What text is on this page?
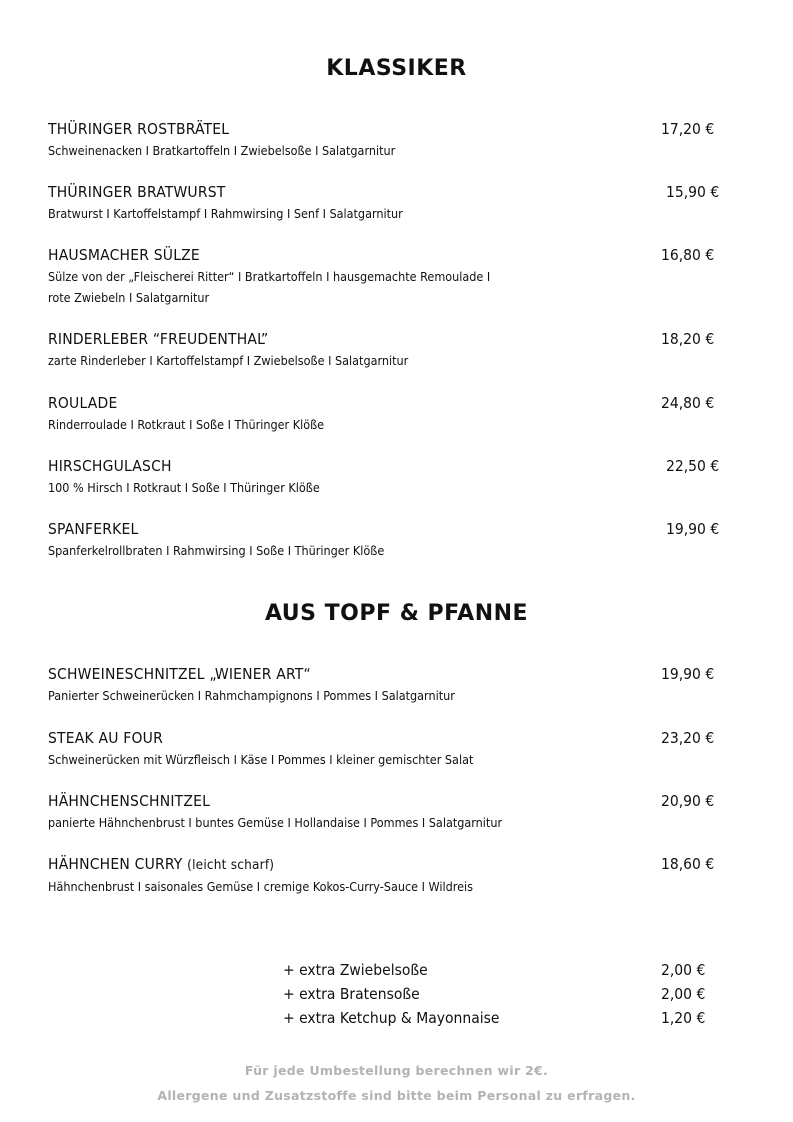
KLASSIKER
THÜRINGER ROSTBRÄTEL
Schweinenacken I Bratkartoffeln I Zwiebelsoße I Salatgarnitur
17,20 €
THÜRINGER BRATWURST
Bratwurst I Kartoffelstampf I Rahmwirsing I Senf I Salatgarnitur
15,90 €
HAUSMACHER SÜLZE
Sülze von der „Fleischerei Ritter“ I Bratkartoffeln I hausgemachte Remoulade I
rote Zwiebeln I Salatgarnitur
16,80 €
RINDERLEBER “FREUDENTHAL”
zarte Rinderleber I Kartoffelstampf I Zwiebelsoße I Salatgarnitur
18,20 €
ROULADE
Rinderroulade I Rotkraut I Soße I Thüringer Klöße
24,80 €
HIRSCHGULASCH
100 % Hirsch I Rotkraut I Soße I Thüringer Klöße
22,50 €
SPANFERKEL
Spanferkelrollbraten I Rahmwirsing I Soße I Thüringer Klöße
19,90 €
AUS TOPF & PFANNE
SCHWEINESCHNITZEL „WIENER ART“
Panierter Schweinerücken I Rahmchampignons I Pommes I Salatgarnitur
19,90 €
STEAK AU FOUR
Schweinerücken mit Würzfleisch I Käse I Pommes I kleiner gemischter Salat
23,20 €
HÄHNCHENSCHNITZEL
panierte Hähnchenbrust I buntes Gemüse I Hollandaise I Pommes I Salatgarnitur
20,90 €
HÄHNCHEN CURRY (leicht scharf)
Hähnchenbrust I saisonales Gemüse I cremige Kokos-Curry-Sauce I Wildreis
18,60 €
+ extra Zwiebelsoße	2,00 €
+ extra Bratensoße	2,00 €
+ extra Ketchup & Mayonnaise	1,20 €
Für jede Umbestellung berechnen wir 2€.
Allergene und Zusatzstoffe sind bitte beim Personal zu erfragen.
